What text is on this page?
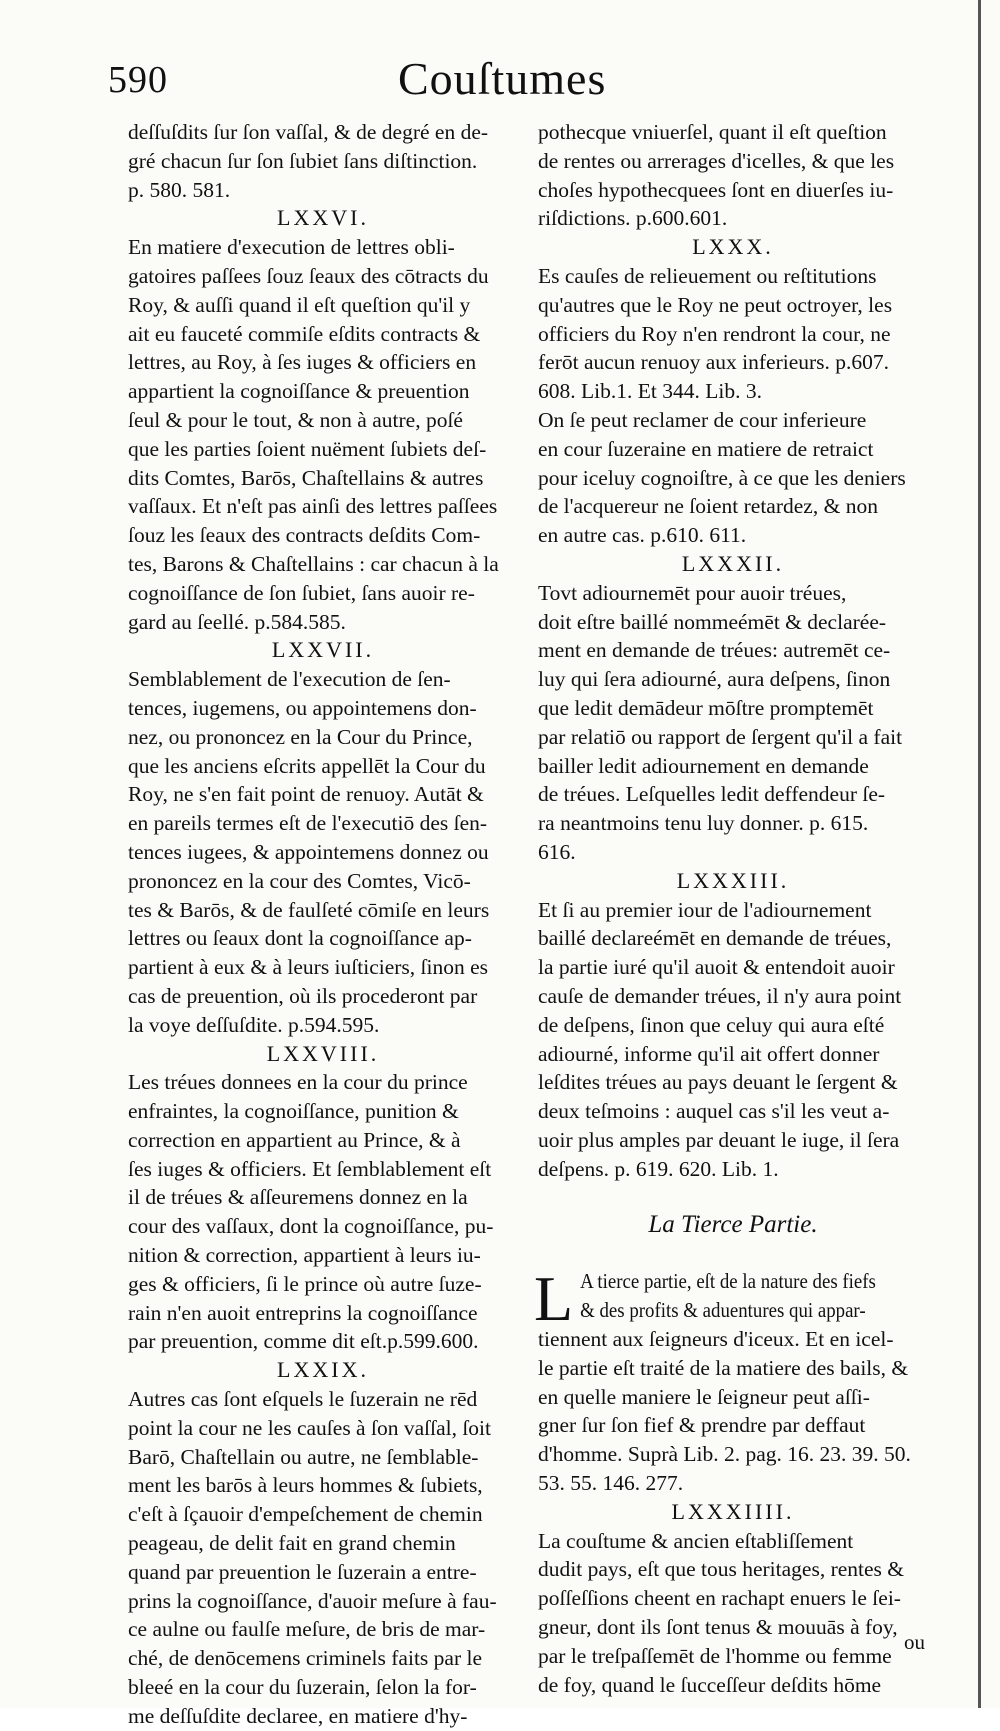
590	Couſtumes
deſſuſdits ſur ſon vaſſal, & de degré en de-
gré chacun ſur ſon ſubiet ſans diſtinction.
p. 580. 581.
LXXVI.
En matiere d'execution de lettres obli-
gatoires paſſees ſouz ſeaux des cōtracts du
Roy, & auſſi quand il eſt queſtion qu'il y
ait eu fauceté commiſe eſdits contracts &
lettres, au Roy, à ſes iuges & officiers en
appartient la cognoiſſance & preuention
ſeul & pour le tout, & non à autre, poſé
que les parties ſoient nuëment ſubiets deſ-
dits Comtes, Barōs, Chaſtellains & autres
vaſſaux. Et n'eſt pas ainſi des lettres paſſees
ſouz les ſeaux des contracts deſdits Com-
tes, Barons & Chaſtellains : car chacun à la
cognoiſſance de ſon ſubiet, ſans auoir re-
gard au ſeellé. p.584.585.
LXXVII.
Semblablement de l'execution de ſen-
tences, iugemens, ou appointemens don-
nez, ou prononcez en la Cour du Prince,
que les anciens eſcrits appellēt la Cour du
Roy, ne s'en fait point de renuoy. Autāt &
en pareils termes eſt de l'executiō des ſen-
tences iugees, & appointemens donnez ou
prononcez en la cour des Comtes, Vicō-
tes & Barōs, & de faulſeté cōmiſe en leurs
lettres ou ſeaux dont la cognoiſſance ap-
partient à eux & à leurs iuſticiers, ſinon es
cas de preuention, où ils procederont par
la voye deſſuſdite. p.594.595.
LXXVIII.
Les tréues donnees en la cour du prince
enfraintes, la cognoiſſance, punition &
correction en appartient au Prince, & à
ſes iuges & officiers. Et ſemblablement eſt
il de tréues & aſſeuremens donnez en la
cour des vaſſaux, dont la cognoiſſance, pu-
nition & correction, appartient à leurs iu-
ges & officiers, ſi le prince où autre ſuze-
rain n'en auoit entreprins la cognoiſſance
par preuention, comme dit eſt.p.599.600.
LXXIX.
Autres cas ſont eſquels le ſuzerain ne rēd
point la cour ne les cauſes à ſon vaſſal, ſoit
Barō, Chaſtellain ou autre, ne ſemblable-
ment les barōs à leurs hommes & ſubiets,
c'eſt à ſçauoir d'empeſchement de chemin
peageau, de delit fait en grand chemin
quand par preuention le ſuzerain a entre-
prins la cognoiſſance, d'auoir meſure à fau-
ce aulne ou faulſe meſure, de bris de mar-
ché, de denōcemens criminels faits par le
bleeé en la cour du ſuzerain, ſelon la for-
me deſſuſdite declaree, en matiere d'hy-
pothecque vniuerſel, quant il eſt queſtion
de rentes ou arrerages d'icelles, & que les
choſes hypothecquees ſont en diuerſes iu-
riſdictions. p.600.601.
LXXX.
Es cauſes de relieuement ou reſtitutions
qu'autres que le Roy ne peut octroyer, les
officiers du Roy n'en rendront la cour, ne
ferōt aucun renuoy aux inferieurs. p.607.
608. Lib.1. Et 344. Lib. 3.
On ſe peut reclamer de cour inferieure
en cour ſuzeraine en matiere de retraict
pour iceluy cognoiſtre, à ce que les deniers
de l'acquereur ne ſoient retardez, & non
en autre cas. p.610. 611.
LXXXII.
Tovt adiournemēt pour auoir tréues,
doit eſtre baillé nommeémēt & declarée-
ment en demande de tréues: autremēt ce-
luy qui ſera adiourné, aura deſpens, ſinon
que ledit demādeur mōſtre promptemēt
par relatiō ou rapport de ſergent qu'il a fait
bailler ledit adiournement en demande
de tréues. Leſquelles ledit deffendeur ſe-
ra neantmoins tenu luy donner. p. 615.
616.
LXXXIII.
Et ſi au premier iour de l'adiournement
baillé declareémēt en demande de tréues,
la partie iuré qu'il auoit & entendoit auoir
cauſe de demander tréues, il n'y aura point
de deſpens, ſinon que celuy qui aura eſté
adiourné, informe qu'il ait offert donner
leſdites tréues au pays deuant le ſergent &
deux teſmoins : auquel cas s'il les veut a-
uoir plus amples par deuant le iuge, il ſera
deſpens. p. 619. 620. Lib. 1.
La Tierce Partie.
L A tierce partie, eſt de la nature des fiefs
& des profits & aduentures qui appar-
tiennent aux ſeigneurs d'iceux. Et en icel-
le partie eſt traité de la matiere des bails, &
en quelle maniere le ſeigneur peut aſſi-
gner ſur ſon fief & prendre par deffaut
d'homme. Suprà Lib. 2. pag. 16. 23. 39. 50.
53. 55. 146. 277.
LXXXIIII.
La couſtume & ancien eſtabliſſement
dudit pays, eſt que tous heritages, rentes &
poſſeſſions cheent en rachapt enuers le ſei-
gneur, dont ils ſont tenus & mouuās à foy,
par le treſpaſſemēt de l'homme ou femme
de foy, quand le ſucceſſeur deſdits hōme
ou
